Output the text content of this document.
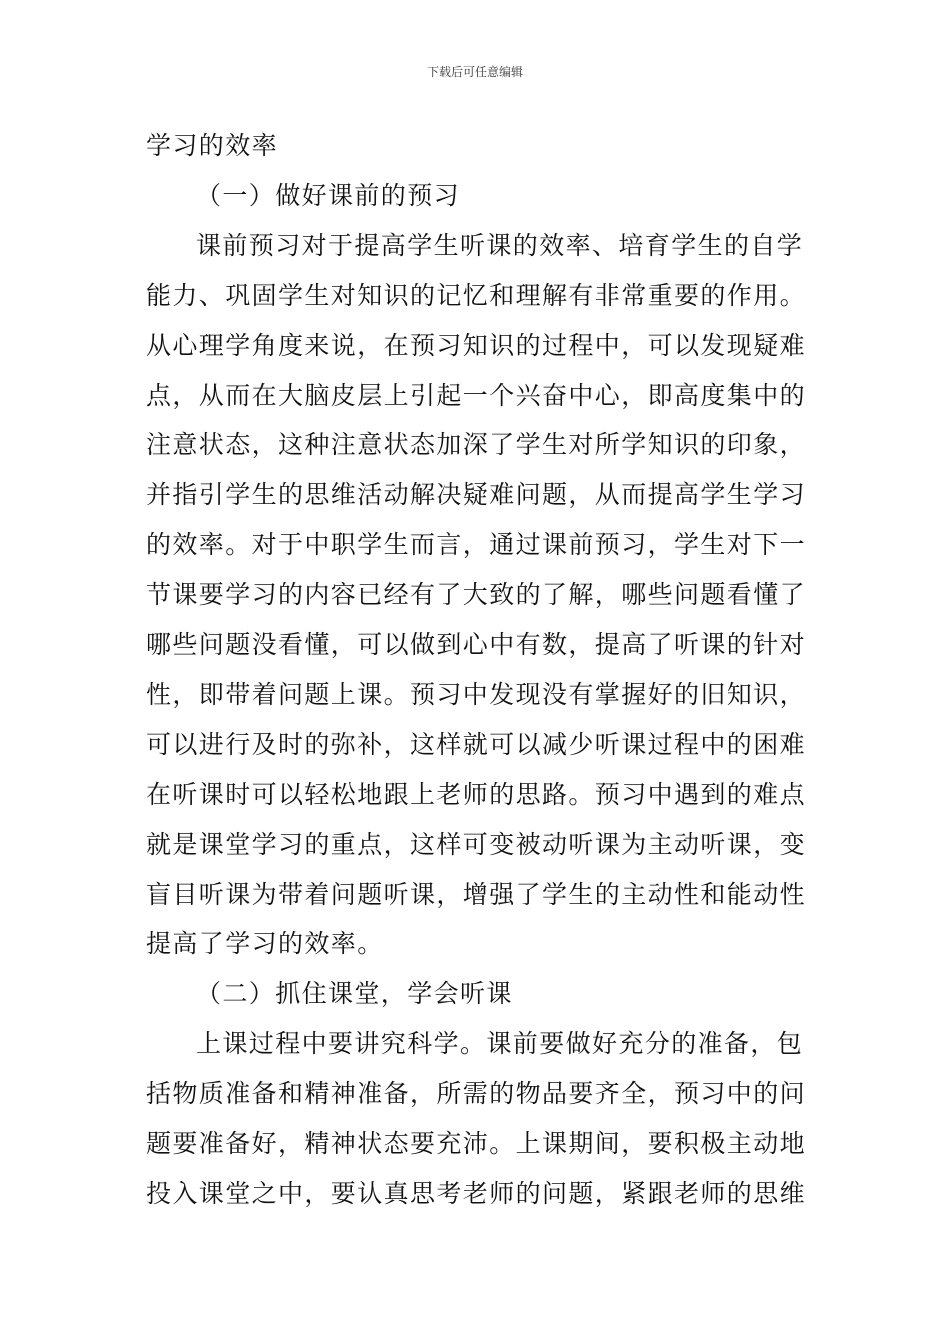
下载后可任意编辑
学习的效率
（一）做好课前的预习
课前预习对于提高学生听课的效率、培育学生的自学
能力、巩固学生对知识的记忆和理解有非常重要的作用。
从心理学角度来说，在预习知识的过程中，可以发现疑难
点，从而在大脑皮层上引起一个兴奋中心，即高度集中的
注意状态，这种注意状态加深了学生对所学知识的印象，
并指引学生的思维活动解决疑难问题，从而提高学生学习
的效率。对于中职学生而言，通过课前预习，学生对下一
节课要学习的内容已经有了大致的了解，哪些问题看懂了
哪些问题没看懂，可以做到心中有数，提高了听课的针对
性，即带着问题上课。预习中发现没有掌握好的旧知识，
可以进行及时的弥补，这样就可以减少听课过程中的困难
在听课时可以轻松地跟上老师的思路。预习中遇到的难点
就是课堂学习的重点，这样可变被动听课为主动听课，变
盲目听课为带着问题听课，增强了学生的主动性和能动性
提高了学习的效率。
（二）抓住课堂，学会听课
上课过程中要讲究科学。课前要做好充分的准备，包
括物质准备和精神准备，所需的物品要齐全，预习中的问
题要准备好，精神状态要充沛。上课期间，要积极主动地
投入课堂之中，要认真思考老师的问题，紧跟老师的思维
